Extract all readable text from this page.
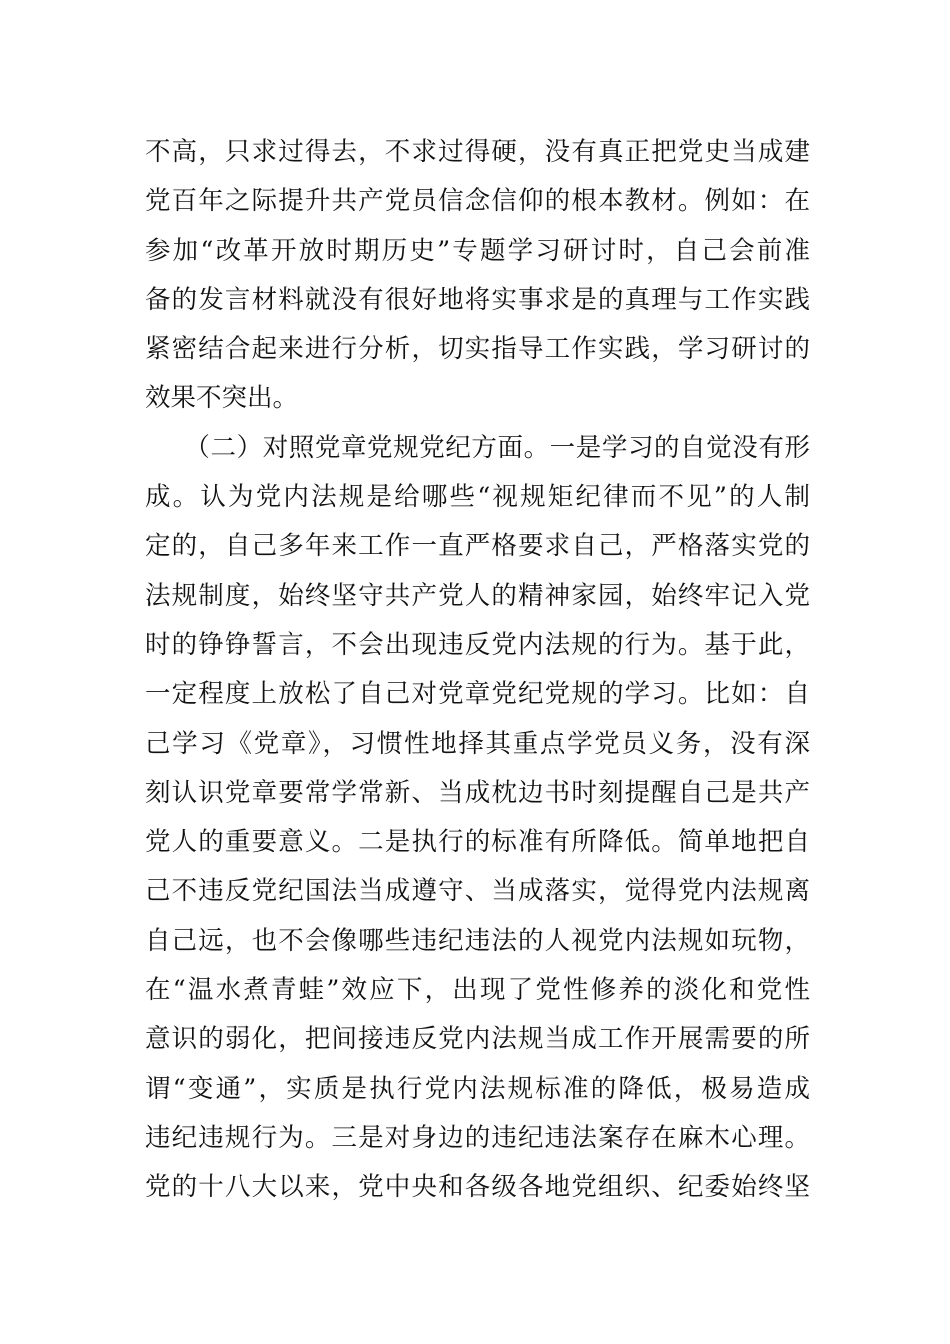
不高，只求过得去，不求过得硬，没有真正把党史当成建
党百年之际提升共产党员信念信仰的根本教材。例如：在
参加“改革开放时期历史”专题学习研讨时，自己会前准
备的发言材料就没有很好地将实事求是的真理与工作实践
紧密结合起来进行分析，切实指导工作实践，学习研讨的
效果不突出。
　　（二）对照党章党规党纪方面。一是学习的自觉没有形
成。认为党内法规是给哪些“视规矩纪律而不见”的人制
定的，自己多年来工作一直严格要求自己，严格落实党的
法规制度，始终坚守共产党人的精神家园，始终牢记入党
时的铮铮誓言，不会出现违反党内法规的行为。基于此，
一定程度上放松了自己对党章党纪党规的学习。比如：自
己学习《党章》，习惯性地择其重点学党员义务，没有深
刻认识党章要常学常新、当成枕边书时刻提醒自己是共产
党人的重要意义。二是执行的标准有所降低。简单地把自
己不违反党纪国法当成遵守、当成落实，觉得党内法规离
自己远，也不会像哪些违纪违法的人视党内法规如玩物，
在“温水煮青蛙”效应下，出现了党性修养的淡化和党性
意识的弱化，把间接违反党内法规当成工作开展需要的所
谓“变通”，实质是执行党内法规标准的降低，极易造成
违纪违规行为。三是对身边的违纪违法案存在麻木心理。
党的十八大以来，党中央和各级各地党组织、纪委始终坚
